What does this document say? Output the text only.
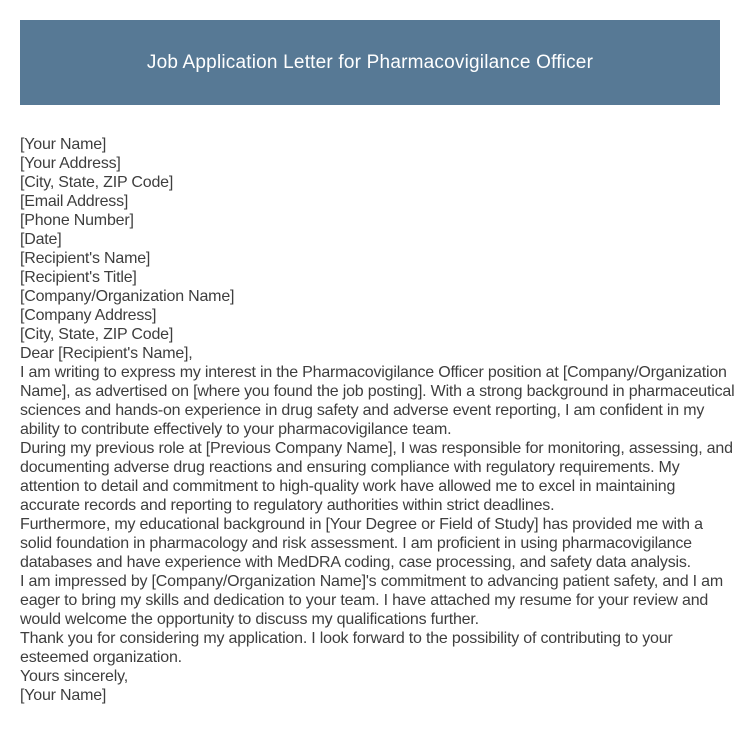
Job Application Letter for Pharmacovigilance Officer
[Your Name]
[Your Address]
[City, State, ZIP Code]
[Email Address]
[Phone Number]
[Date]
[Recipient's Name]
[Recipient's Title]
[Company/Organization Name]
[Company Address]
[City, State, ZIP Code]
Dear [Recipient's Name],
I am writing to express my interest in the Pharmacovigilance Officer position at [Company/Organization Name], as advertised on [where you found the job posting]. With a strong background in pharmaceutical sciences and hands-on experience in drug safety and adverse event reporting, I am confident in my ability to contribute effectively to your pharmacovigilance team.
During my previous role at [Previous Company Name], I was responsible for monitoring, assessing, and documenting adverse drug reactions and ensuring compliance with regulatory requirements. My attention to detail and commitment to high-quality work have allowed me to excel in maintaining accurate records and reporting to regulatory authorities within strict deadlines.
Furthermore, my educational background in [Your Degree or Field of Study] has provided me with a solid foundation in pharmacology and risk assessment. I am proficient in using pharmacovigilance databases and have experience with MedDRA coding, case processing, and safety data analysis.
I am impressed by [Company/Organization Name]'s commitment to advancing patient safety, and I am eager to bring my skills and dedication to your team. I have attached my resume for your review and would welcome the opportunity to discuss my qualifications further.
Thank you for considering my application. I look forward to the possibility of contributing to your esteemed organization.
Yours sincerely,
[Your Name]
